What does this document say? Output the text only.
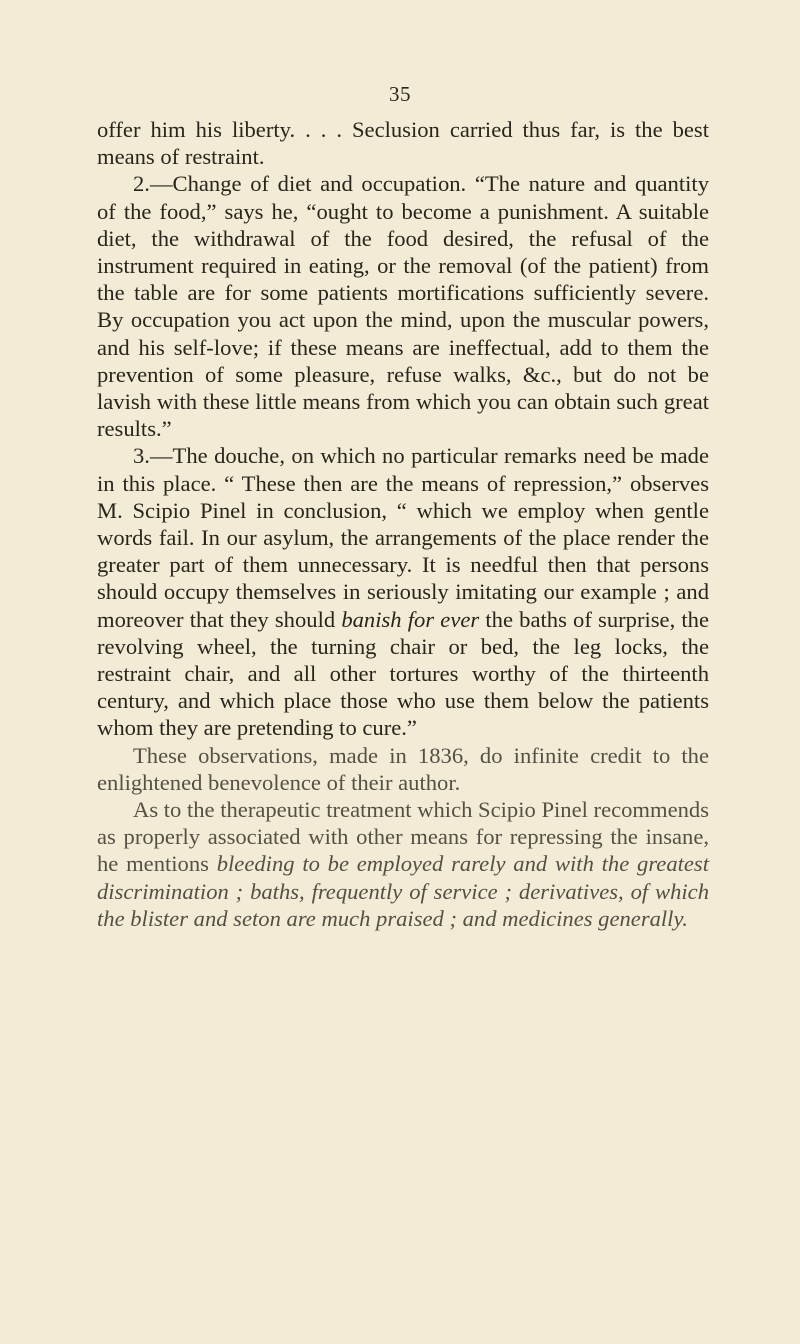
35

offer him his liberty. . . . Seclusion carried thus far, is the best means of restraint.

2.—Change of diet and occupation. “The nature and quantity of the food,” says he, “ought to become a punishment. A suitable diet, the withdrawal of the food desired, the refusal of the instrument required in eating, or the removal (of the patient) from the table are for some patients mortifications sufficiently severe. By occupation you act upon the mind, upon the muscular powers, and his self-love; if these means are ineffectual, add to them the prevention of some pleasure, refuse walks, &c., but do not be lavish with these little means from which you can obtain such great results.”

3.—The douche, on which no particular remarks need be made in this place. “ These then are the means of repression,” observes M. Scipio Pinel in conclusion, “ which we employ when gentle words fail. In our asylum, the arrangements of the place render the greater part of them unnecessary. It is needful then that persons should occupy themselves in seriously imitating our example ; and moreover that they should banish for ever the baths of surprise, the revolving wheel, the turning chair or bed, the leg locks, the restraint chair, and all other tortures worthy of the thirteenth century, and which place those who use them below the patients whom they are pretending to cure.”

These observations, made in 1836, do infinite credit to the enlightened benevolence of their author.

As to the therapeutic treatment which Scipio Pinel recommends as properly associated with other means for repressing the insane, he mentions bleeding to be employed rarely and with the greatest discrimination ; baths, frequently of service ; derivatives, of which the blister and seton are much praised ; and medicines generally.
